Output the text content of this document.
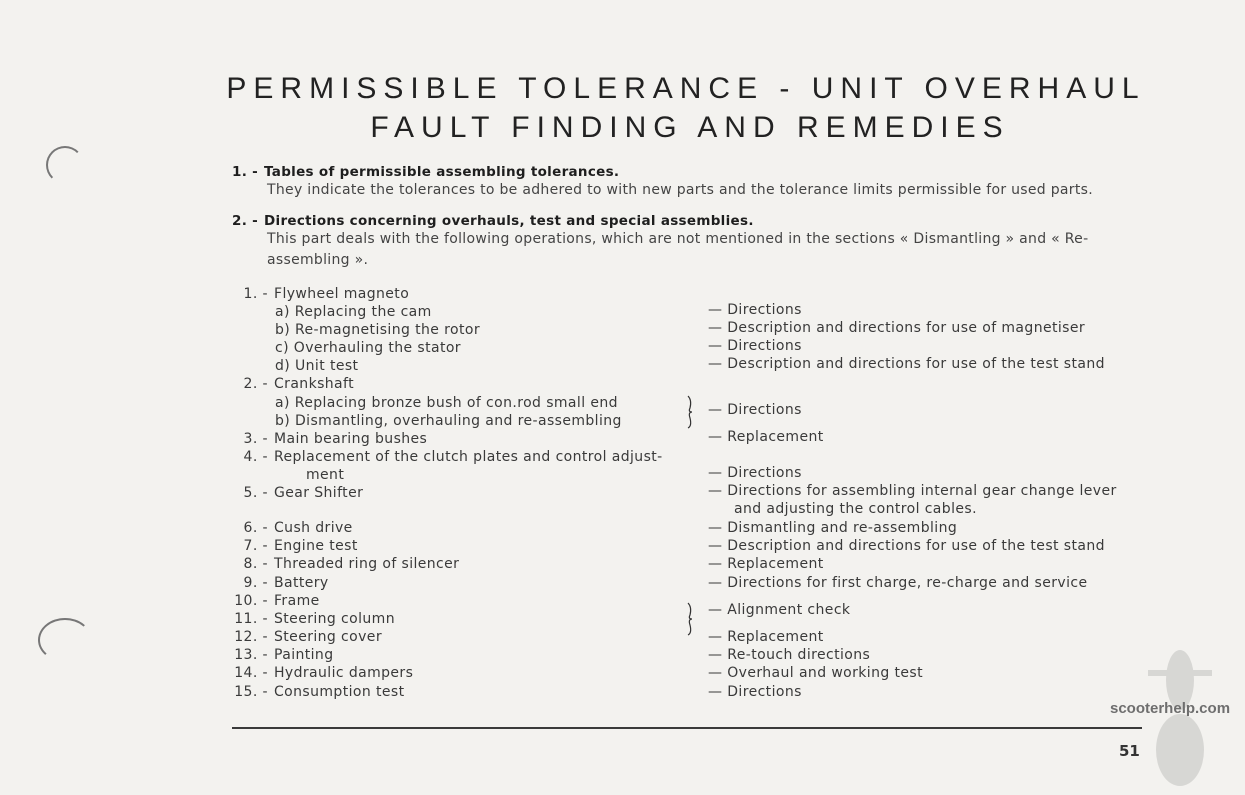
PERMISSIBLE TOLERANCE - UNIT OVERHAUL
FAULT FINDING AND REMEDIES
1. - Tables of permissible assembling tolerances.
They indicate the tolerances to be adhered to with new parts and the tolerance limits permissible for used parts.
2. - Directions concerning overhauls, test and special assemblies.
This part deals with the following operations, which are not mentioned in the sections « Dismantling » and « Re-assembling ».
1. - Flywheel magneto
a) Replacing the cam
b) Re-magnetising the rotor
c) Overhauling the stator
d) Unit test
2. - Crankshaft
a) Replacing bronze bush of con.rod small end
b) Dismantling, overhauling and re-assembling
3. - Main bearing bushes
4. - Replacement of the clutch plates and control adjust-
ment
5. - Gear Shifter
6. - Cush drive
7. - Engine test
8. - Threaded ring of silencer
9. - Battery
10. - Frame
11. - Steering column
12. - Steering cover
13. - Painting
14. - Hydraulic dampers
15. - Consumption test
— Directions
— Description and directions for use of magnetiser
— Directions
— Description and directions for use of the test stand
— Directions
— Replacement
— Directions
— Directions for assembling internal gear change lever
and adjusting the control cables.
— Dismantling and re-assembling
— Description and directions for use of the test stand
— Replacement
— Directions for first charge, re-charge and service
— Alignment check
— Replacement
— Re-touch directions
— Overhaul and working test
— Directions
scooterhelp.com
51
